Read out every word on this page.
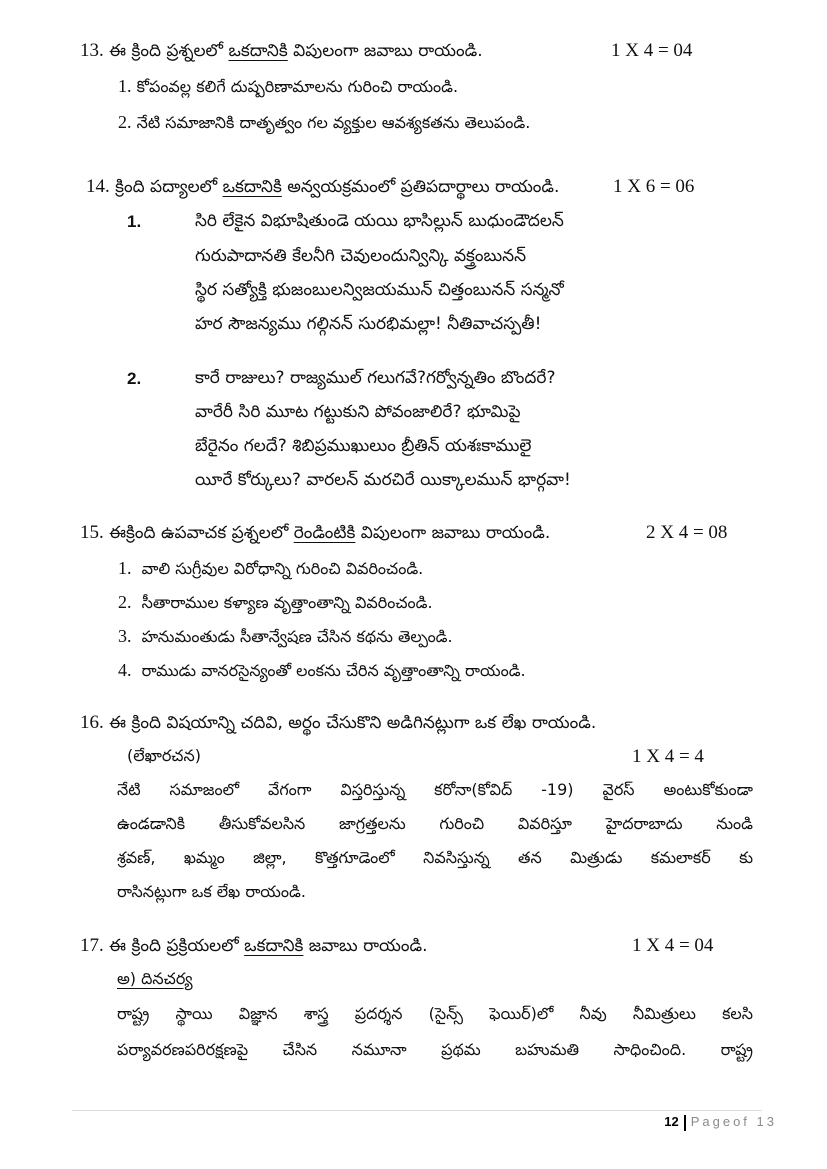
13. ఈ క్రింది ప్రశ్నలలో ఒకదానికి విపులంగా జవాబు రాయండి.	1 X 4 = 04
1. కోపంవల్ల కలిగే దుష్పరిణామాలను గురించి రాయండి.
2. నేటి సమాజానికి దాతృత్వం గల వ్యక్తుల ఆవశ్యకతను తెలుపండి.
14. క్రింది పద్యాలలో ఒకదానికి అన్వయక్రమంలో ప్రతిపదార్థాలు రాయండి.	1 X 6 = 06
1.	సిరి లేకైన విభూషితుండె యయి భాసిల్లున్ బుధుండౌదలన్
గురుపాదానతి కేలనీగి చెవులందున్విన్కి వక్త్రంబునన్
స్థిర సత్యోక్తి భుజంబులన్విజయమున్ చిత్తంబునన్ సన్మనో
హర సౌజన్యము గల్గినన్ సురభిమల్లా! నీతివాచస్పతీ!
2.	కారే రాజులు? రాజ్యముల్ గలుగవే?గర్వోన్నతిం బొందరే?
వారేరీ సిరి మూట గట్టుకుని పోవంజాలిరే? భూమిపై
బేరైనం గలదే? శిబిప్రముఖులుం బ్రీతిన్ యశఃకాములై
యీరే కోర్కులు? వారలన్ మరచిరే యిక్కాలమున్ భార్గవా!
15. ఈక్రింది ఉపవాచక ప్రశ్నలలో రెండింటికి విపులంగా జవాబు రాయండి.	2 X 4 = 08
1. వాలి సుగ్రీవుల విరోధాన్ని గురించి వివరించండి.
2. సీతారాముల కళ్యాణ వృత్తాంతాన్ని వివరించండి.
3. హనుమంతుడు సీతాన్వేషణ చేసిన కథను తెల్పండి.
4. రాముడు వానరసైన్యంతో లంకను చేరిన వృత్తాంతాన్ని రాయండి.
16. ఈ క్రింది విషయాన్ని చదివి, అర్థం చేసుకొని అడిగినట్లుగా ఒక లేఖ రాయండి.
(లేఖారచన)	1 X 4 = 4
నేటి సమాజంలో వేగంగా విస్తరిస్తున్న కరోనా(కోవిద్ -19) వైరస్ అంటుకోకుండా
ఉండడానికి తీసుకోవలసిన జాగ్రత్తలను గురించి వివరిస్తూ హైదరాబాదు నుండి
శ్రవణ్, ఖమ్మం జిల్లా, కొత్తగూడెంలో నివసిస్తున్న తన మిత్రుడు కమలాకర్ కు
రాసినట్లుగా ఒక లేఖ రాయండి.
17. ఈ క్రింది ప్రక్రియలలో ఒకదానికి జవాబు రాయండి.	1 X 4 = 04
అ) దినచర్య
రాష్ట్ర స్థాయి విజ్ఞాన శాస్త్ర ప్రదర్శన (సైన్స్ ఫెయిర్)లో నీవు నీమిత్రులు కలసి
పర్యావరణపరిరక్షణపై చేసిన నమూనా ప్రథమ బహుమతి సాధించింది. రాష్ట్ర
12 Pageof 13
